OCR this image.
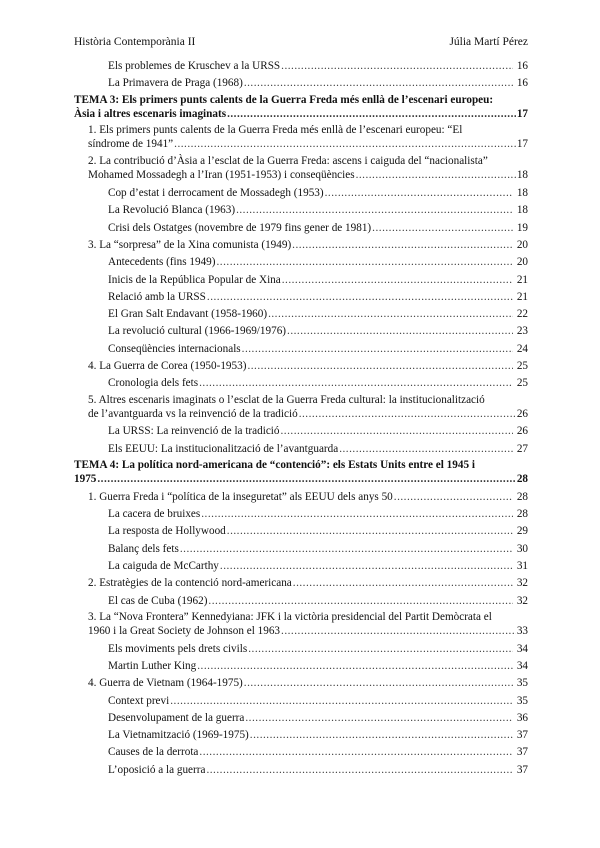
Història Contemporània II	Júlia Martí Pérez
Els problemes de Kruschev a la URSS .....	16
La Primavera de Praga (1968) .....	16
TEMA 3: Els primers punts calents de la Guerra Freda més enllà de l’escenari europeu:
Àsia i altres escenaris imaginats .....	17
1. Els primers punts calents de la Guerra Freda més enllà de l’escenari europeu: “El
síndrome de 1941” .....	17
2. La contribució d’Àsia a l’esclat de la Guerra Freda: ascens i caiguda del “nacionalista”
Mohamed Mossadegh a l’Iran (1951-1953) i conseqüències .....	18
Cop d’estat i derrocament de Mossadegh (1953) .....	18
La Revolució Blanca (1963) .....	18
Crisi dels Ostatges (novembre de 1979 fins gener de 1981) .....	19
3. La “sorpresa” de la Xina comunista (1949) .....	20
Antecedents (fins 1949) .....	20
Inicis de la República Popular de Xina .....	21
Relació amb la URSS .....	21
El Gran Salt Endavant (1958-1960) .....	22
La revolució cultural (1966-1969/1976) .....	23
Conseqüències internacionals .....	24
4. La Guerra de Corea (1950-1953) .....	25
Cronologia dels fets .....	25
5. Altres escenaris imaginats o l’esclat de la Guerra Freda cultural: la institucionalització
de l’avantguarda vs la reinvenció de la tradició .....	26
La URSS: La reinvenció de la tradició .....	26
Els EEUU: La institucionalització de l’avantguarda .....	27
TEMA 4: La política nord-americana de “contenció”: els Estats Units entre el 1945 i
1975 .....	28
1. Guerra Freda i “política de la inseguretat” als EEUU dels anys 50 .....	28
La cacera de bruixes .....	28
La resposta de Hollywood .....	29
Balanç dels fets .....	30
La caiguda de McCarthy .....	31
2. Estratègies de la contenció nord-americana .....	32
El cas de Cuba (1962) .....	32
3. La “Nova Frontera” Kennedyiana: JFK i la victòria presidencial del Partit Demòcrata el
1960 i la Great Society de Johnson el 1963 .....	33
Els moviments pels drets civils .....	34
Martin Luther King .....	34
4. Guerra de Vietnam (1964-1975) .....	35
Context previ .....	35
Desenvolupament de la guerra .....	36
La Vietnamització (1969-1975) .....	37
Causes de la derrota .....	37
L’oposició a la guerra .....	37
